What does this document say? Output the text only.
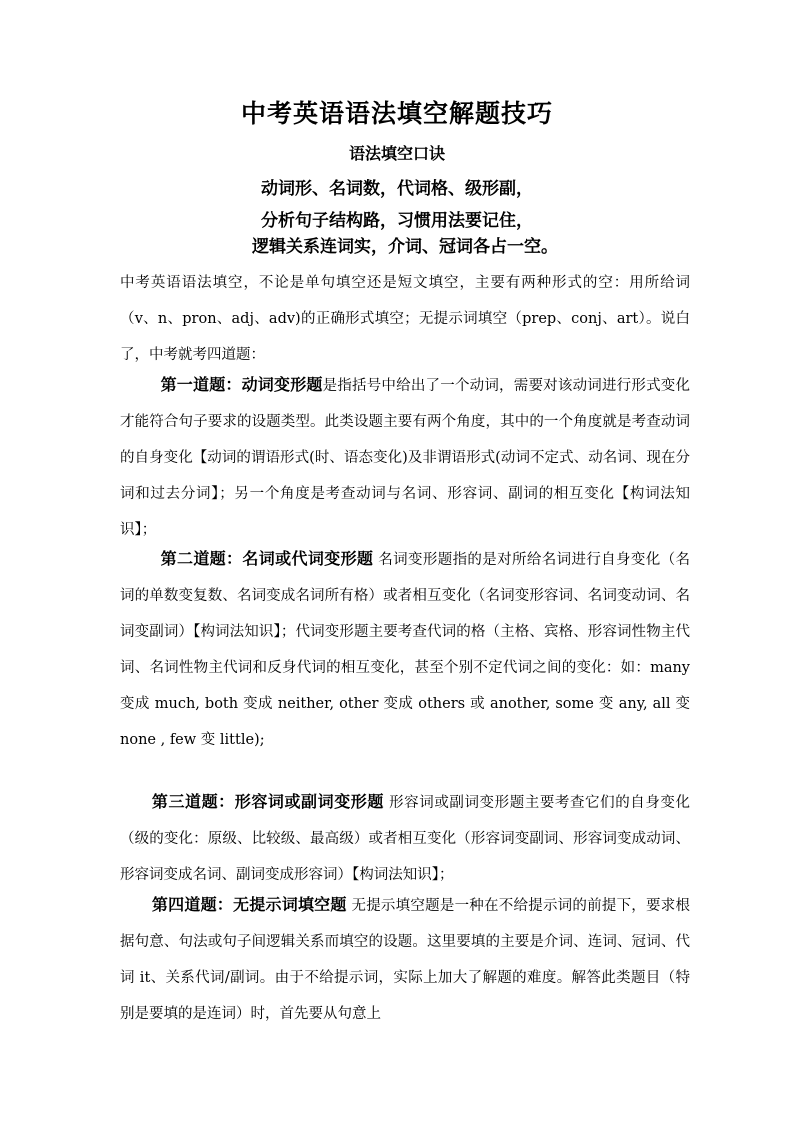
中考英语语法填空解题技巧
语法填空口诀
动词形、名词数，代词格、级形副，
分析句子结构路，习惯用法要记住，
逻辑关系连词实，介词、冠词各占一空。
中考英语语法填空，不论是单句填空还是短文填空，主要有两种形式的空：用所给词（v、n、pron、adj、adv)的正确形式填空；无提示词填空（prep、conj、art）。说白了，中考就考四道题：
第一道题：动词变形题是指括号中给出了一个动词，需要对该动词进行形式变化才能符合句子要求的设题类型。此类设题主要有两个角度，其中的一个角度就是考查动词的自身变化【动词的谓语形式(时、语态变化)及非谓语形式(动词不定式、动名词、现在分词和过去分词】；另一个角度是考查动词与名词、形容词、副词的相互变化【构词法知识】；
第二道题：名词或代词变形题 名词变形题指的是对所给名词进行自身变化（名词的单数变复数、名词变成名词所有格）或者相互变化（名词变形容词、名词变动词、名词变副词）【构词法知识】；代词变形题主要考查代词的格（主格、宾格、形容词性物主代词、名词性物主代词和反身代词的相互变化，甚至个别不定代词之间的变化：如：many 变成 much, both 变成 neither, other 变成 others 或 another, some 变 any, all 变 none , few 变 little);
第三道题：形容词或副词变形题 形容词或副词变形题主要考查它们的自身变化（级的变化：原级、比较级、最高级）或者相互变化（形容词变副词、形容词变成动词、形容词变成名词、副词变成形容词）【构词法知识】；
第四道题：无提示词填空题 无提示填空题是一种在不给提示词的前提下，要求根据句意、句法或句子间逻辑关系而填空的设题。这里要填的主要是介词、连词、冠词、代词 it、关系代词/副词。由于不给提示词，实际上加大了解题的难度。解答此类题目（特别是要填的是连词）时，首先要从句意上
